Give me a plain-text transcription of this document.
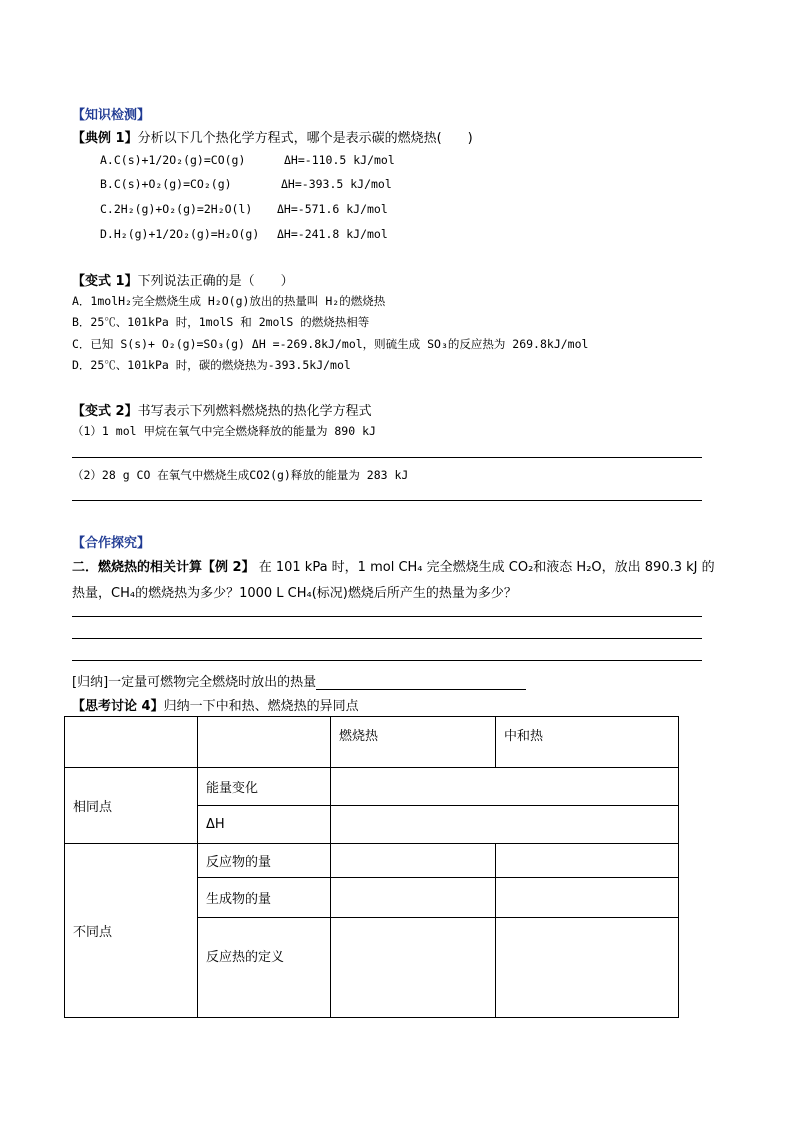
【知识检测】
【典例 1】分析以下几个热化学方程式，哪个是表示碳的燃烧热(　　)
A.C(s)+1/2O₂(g)=CO(g)	ΔH=-110.5 kJ/mol
B.C(s)+O₂(g)=CO₂(g)	ΔH=-393.5 kJ/mol
C.2H₂(g)+O₂(g)=2H₂O(l) ΔH=-571.6 kJ/mol
D.H₂(g)+1/2O₂(g)=H₂O(g) ΔH=-241.8 kJ/mol
【变式 1】下列说法正确的是（　　）
A．1molH₂完全燃烧生成 H₂O(g)放出的热量叫 H₂的燃烧热
B．25℃、101kPa 时，1molS 和 2molS 的燃烧热相等
C．已知 S(s)+ O₂(g)=SO₃(g) ΔH =-269.8kJ/mol，则硫生成 SO₃的反应热为 269.8kJ/mol
D．25℃、101kPa 时，碳的燃烧热为-393.5kJ/mol
【变式 2】书写表示下列燃料燃烧热的热化学方程式
（1）1 mol 甲烷在氧气中完全燃烧释放的能量为 890 kJ
（2）28 g CO 在氧气中燃烧生成CO2(g)释放的能量为 283 kJ
【合作探究】
二．燃烧热的相关计算【例 2】 在 101 kPa 时，1 mol CH₄ 完全燃烧生成 CO₂和液态 H₂O，放出 890.3 kJ 的
热量，CH₄的燃烧热为多少？1000 L CH₄(标况)燃烧后所产生的热量为多少？
[归纳]一定量可燃物完全燃烧时放出的热量
【思考讨论 4】归纳一下中和热、燃烧热的异同点
		燃烧热	中和热
相同点	能量变化		
	ΔH		
不同点	反应物的量		
	生成物的量		
	反应热的定义		
